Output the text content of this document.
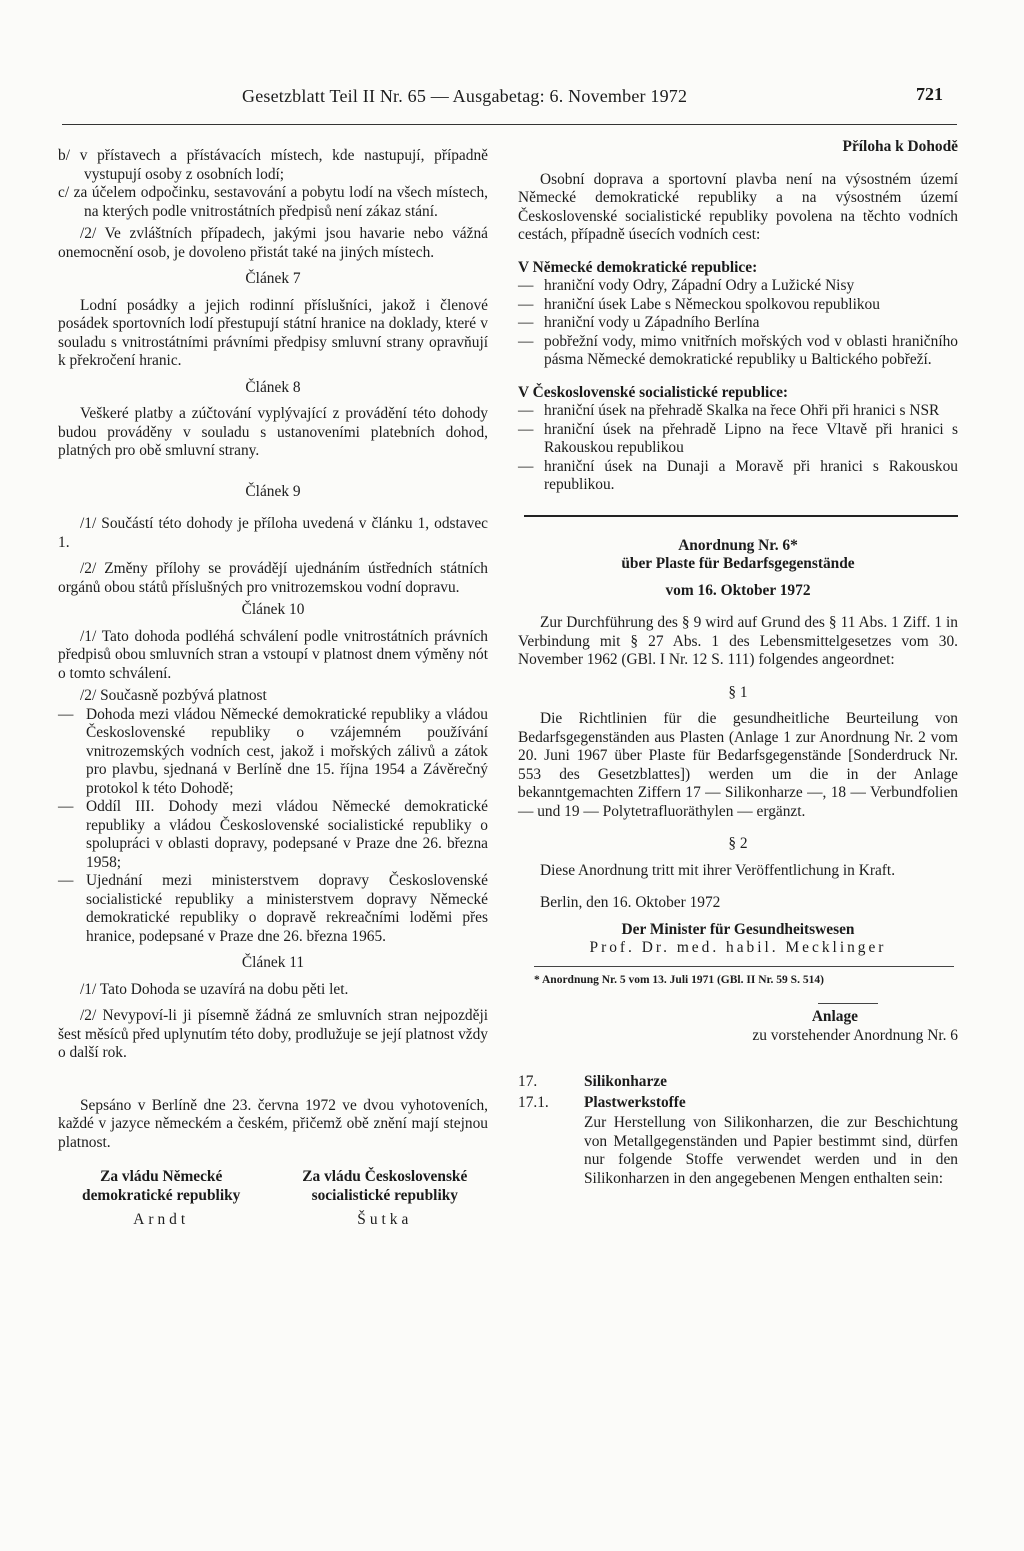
Gesetzblatt Teil II Nr. 65 — Ausgabetag: 6. November 1972	721

b/ v přístavech a přístávacích místech, kde nastupují, případně vystupují osoby z osobních lodí;

c/ za účelem odpočinku, sestavování a pobytu lodí na všech místech, na kterých podle vnitrostátních předpisů není zákaz stání.

/2/ Ve zvláštních případech, jakými jsou havarie nebo vážná onemocnění osob, je dovoleno přistát také na jiných místech.

Článek 7

Lodní posádky a jejich rodinní příslušníci, jakož i členové posádek sportovních lodí přestupují státní hranice na doklady, které v souladu s vnitrostátními právními předpisy smluvní strany opravňují k překročení hranic.

Článek 8

Veškeré platby a zúčtování vyplývající z provádění této dohody budou prováděny v souladu s ustanoveními platebních dohod, platných pro obě smluvní strany.

Článek 9

/1/ Součástí této dohody je příloha uvedená v článku 1, odstavec 1.

/2/ Změny přílohy se provádějí ujednáním ústředních státních orgánů obou států příslušných pro vnitrozemskou vodní dopravu.

Článek 10

/1/ Tato dohoda podléhá schválení podle vnitrostátních právních předpisů obou smluvních stran a vstoupí v platnost dnem výměny nót o tomto schválení.

/2/ Současně pozbývá platnost

— Dohoda mezi vládou Německé demokratické republiky a vládou Československé republiky o vzájemném používání vnitrozemských vodních cest, jakož i mořských zálivů a zátok pro plavbu, sjednaná v Berlíně dne 15. října 1954 a Závěrečný protokol k této Dohodě;
— Oddíl III. Dohody mezi vládou Německé demokratické republiky a vládou Československé socialistické republiky o spolupráci v oblasti dopravy, podepsané v Praze dne 26. března 1958;
— Ujednání mezi ministerstvem dopravy Československé socialistické republiky a ministerstvem dopravy Německé demokratické republiky o dopravě rekreačními loděmi přes hranice, podepsané v Praze dne 26. března 1965.

Článek 11

/1/ Tato Dohoda se uzavírá na dobu pěti let.

/2/ Nevypoví-li ji písemně žádná ze smluvních stran nejpozději šest měsíců před uplynutím této doby, prodlužuje se její platnost vždy o další rok.

Sepsáno v Berlíně dne 23. června 1972 ve dvou vyhotoveních, každé v jazyce německém a českém, přičemž obě znění mají stejnou platnost.

Za vládu Německé demokratické republiky
Arndt
Za vládu Československé socialistické republiky
Šutka

Příloha k Dohodě

Osobní doprava a sportovní plavba není na výsostném území Německé demokratické republiky a na výsostném území Československé socialistické republiky povolena na těchto vodních cestách, případně úsecích vodních cest:

V Německé demokratické republice:

— hraniční vody Odry, Západní Odry a Lužické Nisy
— hraniční úsek Labe s Německou spolkovou republikou
— hraniční vody u Západního Berlína
— pobřežní vody, mimo vnitřních mořských vod v oblasti hraničního pásma Německé demokratické republiky u Baltického pobřeží.

V Československé socialistické republice:

— hraniční úsek na přehradě Skalka na řece Ohři při hranici s NSR
— hraniční úsek na přehradě Lipno na řece Vltavě při hranici s Rakouskou republikou
— hraniční úsek na Dunaji a Moravě při hranici s Rakouskou republikou.

Anordnung Nr. 6*

über Plaste für Bedarfsgegenstände

vom 16. Oktober 1972

Zur Durchführung des § 9 wird auf Grund des § 11 Abs. 1 Ziff. 1 in Verbindung mit § 27 Abs. 1 des Lebensmittelgesetzes vom 30. November 1962 (GBl. I Nr. 12 S. 111) folgendes angeordnet:

§ 1

Die Richtlinien für die gesundheitliche Beurteilung von Bedarfsgegenständen aus Plasten (Anlage 1 zur Anordnung Nr. 2 vom 20. Juni 1967 über Plaste für Bedarfsgegenstände [Sonderdruck Nr. 553 des Gesetzblattes]) werden um die in der Anlage bekanntgemachten Ziffern 17 — Silikonharze —, 18 — Verbundfolien — und 19 — Polytetrafluoräthylen — ergänzt.

§ 2

Diese Anordnung tritt mit ihrer Veröffentlichung in Kraft.

Berlin, den 16. Oktober 1972

Der Minister für Gesundheitswesen

Prof. Dr. med. habil. Mecklinger

* Anordnung Nr. 5 vom 13. Juli 1971 (GBl. II Nr. 59 S. 514)

Anlage

zu vorstehender Anordnung Nr. 6

17.	Silikonharze
17.1.	Plastwerkstoffe

Zur Herstellung von Silikonharzen, die zur Beschichtung von Metallgegenständen und Papier bestimmt sind, dürfen nur folgende Stoffe verwendet werden und in den Silikonharzen in den angegebenen Mengen enthalten sein:
